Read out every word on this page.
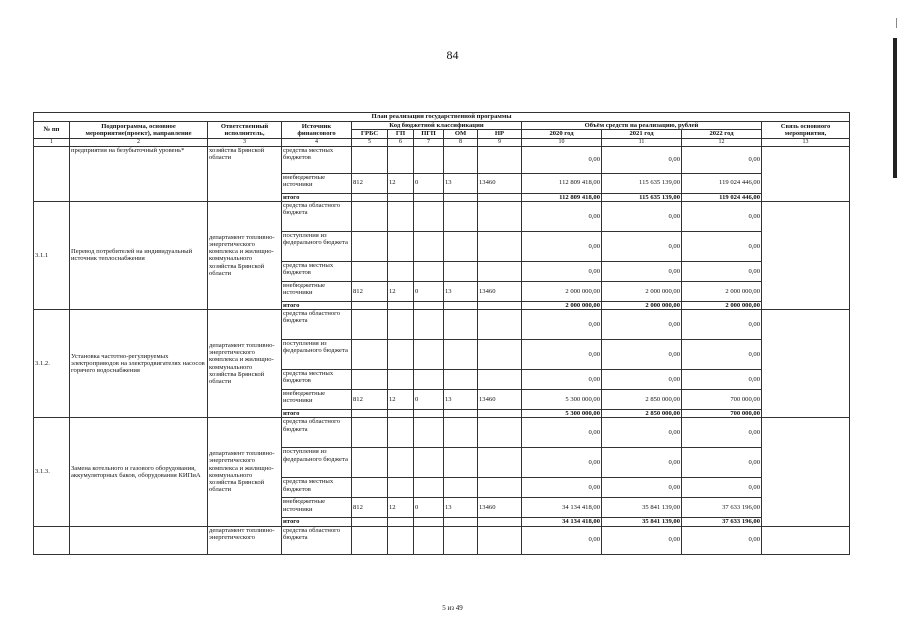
84
План реализации государственной программы												
№ пп	Подпрограмма, основное мероприятие(проект), направление	Ответственный исполнитель,	Источник финансового	Код бюджетной классификации					Объём средств на реализацию, рублей			Связь основного мероприятия,
				ГРБС	ГП	ПГП	ОМ	НР	2020 год	2021 год	2022 год	
1	2	3	4	5	6	7	8	9	10	11	12	13
	предприятия на безубыточный уровень*	хозяйства Брянской области	средства местных бюджетов						0,00	0,00	0,00	
			внебюджетные источники	812	12	0	13	13460	112 809 418,00	115 635 139,00	119 024 446,00	
			итого						112 809 418,00	115 635 139,00	119 024 446,00	
3.1.1	Перевод потребителей на индивидуальный источник теплоснабжения	департамент топливно-энергетического комплекса и жилищно-коммунального хозяйства Брянской области	средства областного бюджета						0,00	0,00	0,00	
			поступления из федерального бюджета						0,00	0,00	0,00	
			средства местных бюджетов						0,00	0,00	0,00	
			внебюджетные источники	812	12	0	13	13460	2 000 000,00	2 000 000,00	2 000 000,00	
			итого						2 000 000,00	2 000 000,00	2 000 000,00	
3.1.2.	Установка частотно-регулируемых электроприводов на электродвигателях насосов горячего водоснабжения	департамент топливно-энергетического комплекса и жилищно-коммунального хозяйства Брянской области	средства областного бюджета						0,00	0,00	0,00	
			поступления из федерального бюджета						0,00	0,00	0,00	
			средства местных бюджетов						0,00	0,00	0,00	
			внебюджетные источники	812	12	0	13	13460	5 300 000,00	2 850 000,00	700 000,00	
			итого						5 300 000,00	2 850 000,00	700 000,00	
3.1.3.	Замена котельного и газового оборудования, аккумуляторных баков, оборудования КИПиА	департамент топливно-энергетического комплекса и жилищно-коммунального хозяйства Брянской области	средства областного бюджета						0,00	0,00	0,00	
			поступления из федерального бюджета						0,00	0,00	0,00	
			средства местных бюджетов						0,00	0,00	0,00	
			внебюджетные источники	812	12	0	13	13460	34 134 418,00	35 841 139,00	37 633 196,00	
			итого						34 134 418,00	35 841 139,00	37 633 196,00	
		департамент топливно-энергетического	средства областного бюджета						0,00	0,00	0,00	
5 из 49
